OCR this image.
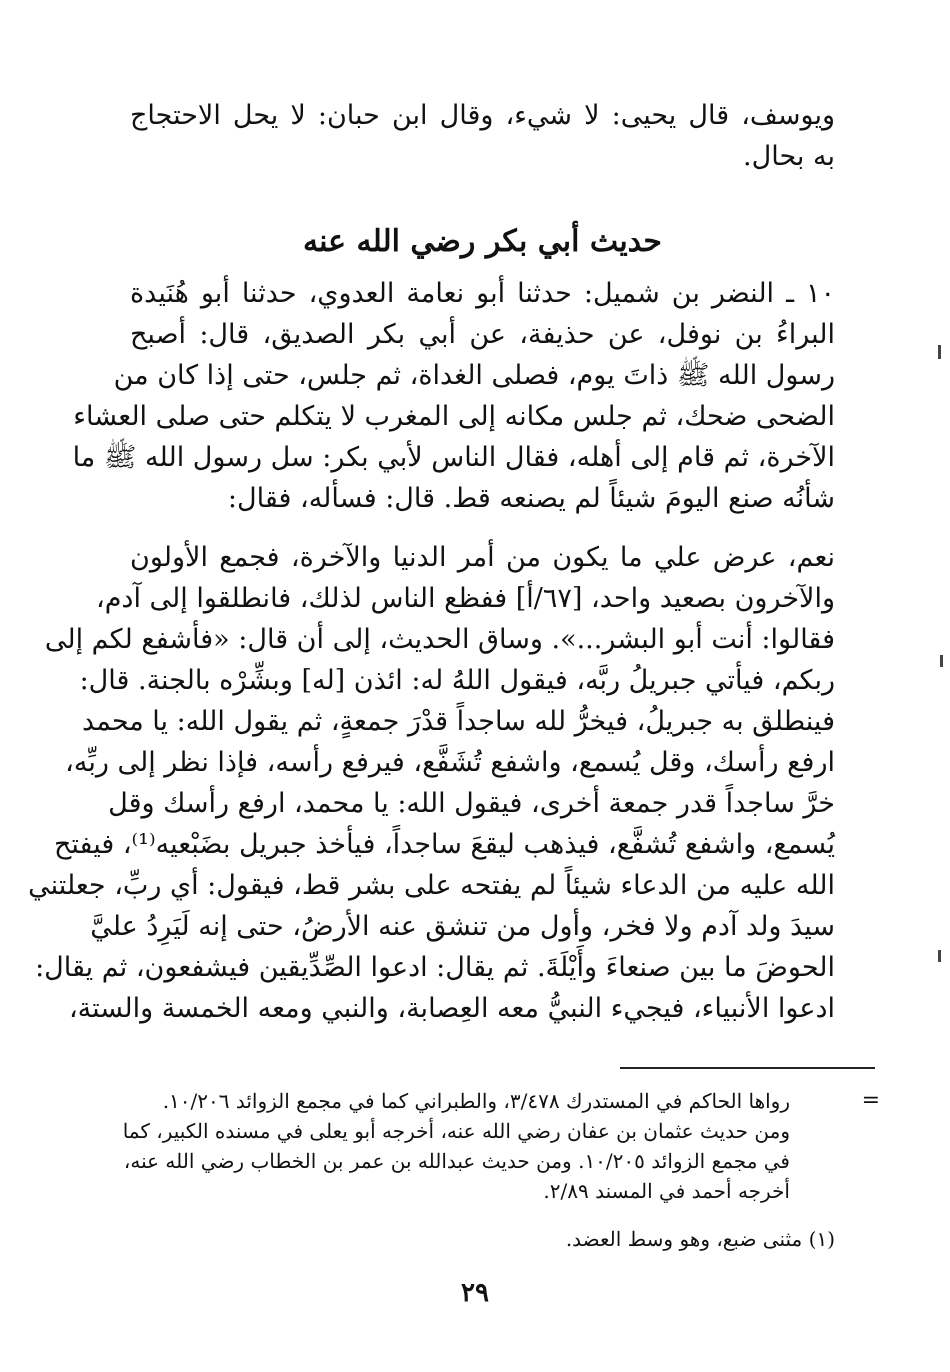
ويوسف، قال يحيى: لا شيء، وقال ابن حبان: لا يحل الاحتجاج
به بحال.
حديث أبي بكر رضي الله عنه
١٠ ـ النضر بن شميل: حدثنا أبو نعامة العدوي، حدثنا أبو هُنَيدة
البراءُ بن نوفل، عن حذيفة، عن أبي بكر الصديق، قال: أصبح
رسول الله ﷺ ذاتَ يوم، فصلى الغداة، ثم جلس، حتى إذا كان من
الضحى ضحك، ثم جلس مكانه إلى المغرب لا يتكلم حتى صلى العشاء
الآخرة، ثم قام إلى أهله، فقال الناس لأبي بكر: سل رسول الله ﷺ ما
شأنُه صنع اليومَ شيئاً لم يصنعه قط. قال: فسأله، فقال:
نعم، عرض علي ما يكون من أمر الدنيا والآخرة، فجمع الأولون
والآخرون بصعيد واحد، [٦٧/أ] ففظع الناس لذلك، فانطلقوا إلى آدم،
فقالوا: أنت أبو البشر...». وساق الحديث، إلى أن قال: «فأشفع لكم إلى
ربكم، فيأتي جبريلُ ربَّه، فيقول اللهُ له: ائذن [له] وبشِّرْه بالجنة. قال:
فينطلق به جبريلُ، فيخرُّ لله ساجداً قدْرَ جمعةٍ، ثم يقول الله: يا محمد
ارفع رأسك، وقل يُسمع، واشفع تُشَفَّع، فيرفع رأسه، فإذا نظر إلى ربِّه،
خرَّ ساجداً قدر جمعة أخرى، فيقول الله: يا محمد، ارفع رأسك وقل
يُسمع، واشفع تُشفَّع، فيذهب ليقعَ ساجداً، فيأخذ جبريل بضَبْعيه⁽¹⁾، فيفتح
الله عليه من الدعاء شيئاً لم يفتحه على بشر قط، فيقول: أي ربِّ، جعلتني
سيدَ ولد آدم ولا فخر، وأول من تنشق عنه الأرضُ، حتى إنه لَيَرِدُ عليَّ
الحوضَ ما بين صنعاءَ وأَيْلَةَ. ثم يقال: ادعوا الصِّدِّيقين فيشفعون، ثم يقال:
ادعوا الأنبياء، فيجيء النبيُّ معه العِصابة، والنبي ومعه الخمسة والستة،
=
رواها الحاكم في المستدرك ٣/٤٧٨، والطبراني كما في مجمع الزوائد ١٠/٢٠٦.
ومن حديث عثمان بن عفان رضي الله عنه، أخرجه أبو يعلى في مسنده الكبير، كما
في مجمع الزوائد ١٠/٢٠٥. ومن حديث عبدالله بن عمر بن الخطاب رضي الله عنه،
أخرجه أحمد في المسند ٢/٨٩.
(١) مثنى ضبع، وهو وسط العضد.
٢٩
